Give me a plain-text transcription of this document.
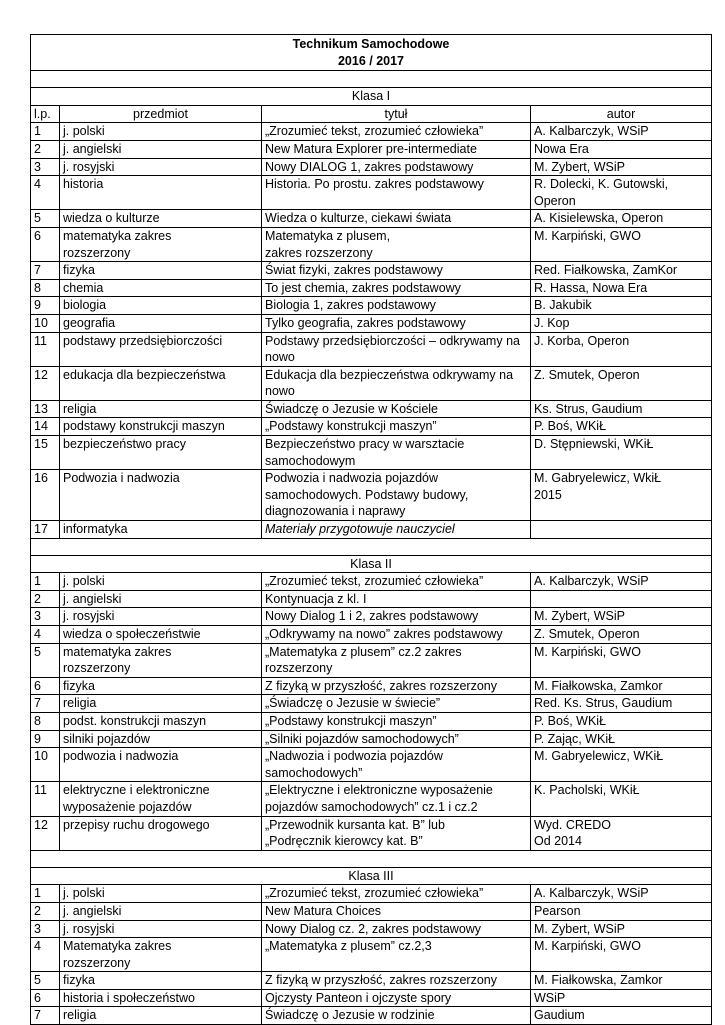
Technikum Samochodowe
2016 / 2017			

Klasa I			
l.p.	przedmiot	tytuł	autor
1	j. polski	„Zrozumieć tekst, zrozumieć człowieka”	A. Kalbarczyk, WSiP
2	j. angielski	New Matura Explorer pre-intermediate	Nowa Era
3	j. rosyjski	Nowy DIALOG 1, zakres podstawowy	M. Zybert, WSiP
4	historia	Historia. Po prostu. zakres podstawowy	R. Dolecki, K. Gutowski, Operon
5	wiedza o kulturze	Wiedza o kulturze, ciekawi świata	A. Kisielewska, Operon
6	matematyka zakres
rozszerzony	Matematyka z plusem,
zakres rozszerzony	M. Karpiński, GWO
7	fizyka	Świat fizyki, zakres podstawowy	Red. Fiałkowska, ZamKor
8	chemia	To jest chemia, zakres podstawowy	R. Hassa, Nowa Era
9	biologia	Biologia 1, zakres podstawowy	B. Jakubik
10	geografia	Tylko geografia, zakres podstawowy	J. Kop
11	podstawy przedsiębiorczości	Podstawy przedsiębiorczości – odkrywamy na
nowo	J. Korba, Operon
12	edukacja dla bezpieczeństwa	Edukacja dla bezpieczeństwa odkrywamy na
nowo	Z. Smutek, Operon
13	religia	Świadczę o Jezusie w Kościele	Ks. Strus, Gaudium
14	podstawy konstrukcji maszyn	„Podstawy konstrukcji maszyn”	P. Boś, WKiŁ
15	bezpieczeństwo pracy	Bezpieczeństwo pracy w warsztacie
samochodowym	D. Stępniewski, WKiŁ
16	Podwozia i nadwozia	Podwozia i nadwozia pojazdów
samochodowych. Podstawy budowy,
diagnozowania i naprawy	M. Gabryelewicz, WkiŁ
2015
17	informatyka	Materiały przygotowuje nauczyciel	

Klasa II			
1	j. polski	„Zrozumieć tekst, zrozumieć człowieka”	A. Kalbarczyk, WSiP
2	j. angielski	Kontynuacja z kl. I	
3	j. rosyjski	Nowy Dialog 1 i 2, zakres podstawowy	M. Zybert, WSiP
4	wiedza o społeczeństwie	„Odkrywamy na nowo” zakres podstawowy	Z. Smutek, Operon
5	matematyka zakres
rozszerzony	„Matematyka z plusem” cz.2 zakres
rozszerzony	M. Karpiński, GWO
6	fizyka	Z fizyką w przyszłość, zakres rozszerzony	M. Fiałkowska, Zamkor
7	religia	„Świadczę o Jezusie w świecie”	Red. Ks. Strus, Gaudium
8	podst. konstrukcji maszyn	„Podstawy konstrukcji maszyn”	P. Boś, WKiŁ
9	silniki pojazdów	„Silniki pojazdów samochodowych”	P. Zając, WKiŁ
10	podwozia i nadwozia	„Nadwozia i podwozia pojazdów
samochodowych”	M. Gabryelewicz, WKiŁ
11	elektryczne i elektroniczne
wyposażenie pojazdów	„Elektryczne i elektroniczne wyposażenie
pojazdów samochodowych” cz.1 i cz.2	K. Pacholski, WKiŁ
12	przepisy ruchu drogowego	„Przewodnik kursanta kat. B” lub
„Podręcznik kierowcy kat. B”	Wyd. CREDO
Od 2014

Klasa III			
1	j. polski	„Zrozumieć tekst, zrozumieć człowieka”	A. Kalbarczyk, WSiP
2	j. angielski	New Matura Choices	Pearson
3	j. rosyjski	Nowy Dialog cz. 2, zakres podstawowy	M. Zybert, WSiP
4	Matematyka zakres
rozszerzony	„Matematyka z plusem” cz.2,3	M. Karpiński, GWO
5	fizyka	Z fizyką w przyszłość, zakres rozszerzony	M. Fiałkowska, Zamkor
6	historia i społeczeństwo	Ojczysty Panteon i ojczyste spory	WSiP
7	religia	Świadczę o Jezusie w rodzinie	Gaudium
